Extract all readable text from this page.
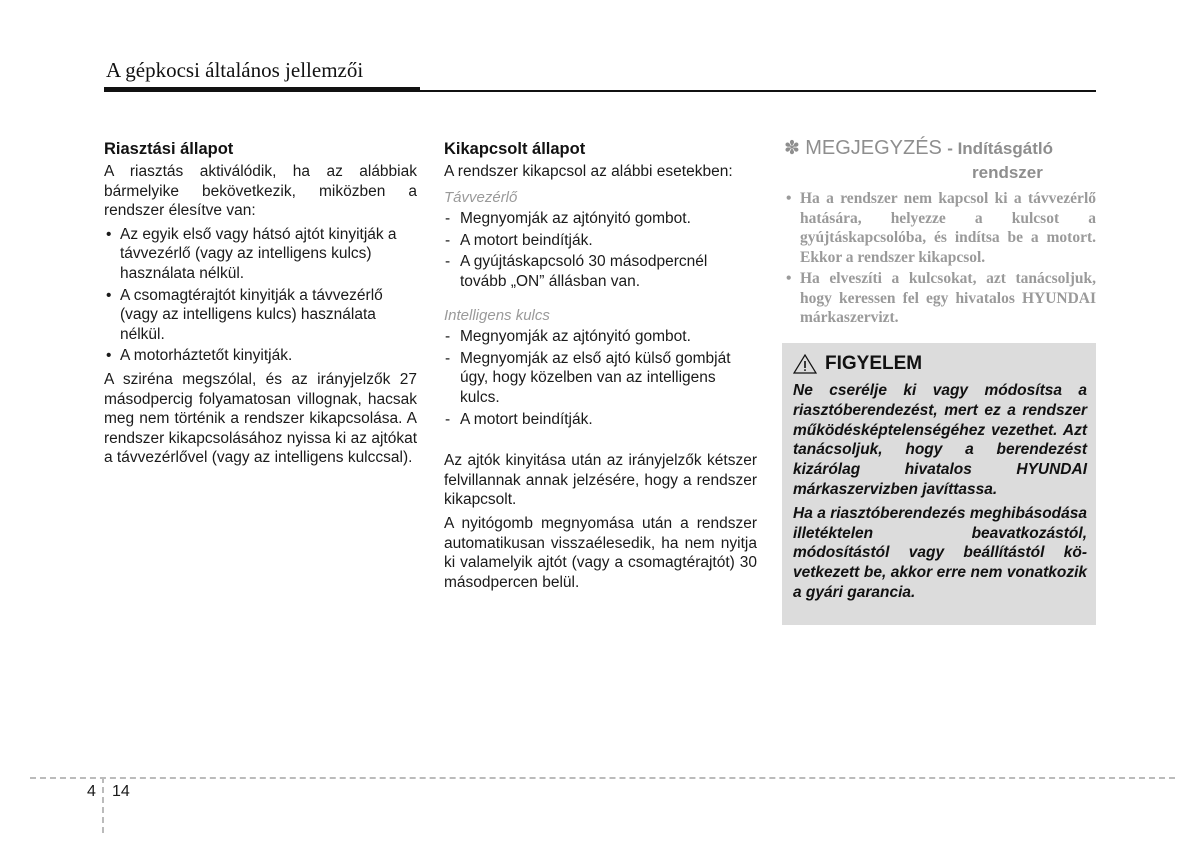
A gépkocsi általános jellemzői
Riasztási állapot

A riasztás aktiválódik, ha az alábbiak bármelyike bekövetkezik, miközben a rendszer élesítve van:

• Az egyik első vagy hátsó ajtót kinyitják a távvezérlő (vagy az intelligens kulcs) használata nélkül.
• A csomagtérajtót kinyitják a távvezérlő (vagy az intelligens kulcs) használata nélkül.
• A motorháztetőt kinyitják.

A sziréna megszólal, és az irányjelzők 27 másodpercig folyamatosan villognak, hacsak meg nem történik a rendszer kikapcsolása. A rendszer kikapcsolásához nyissa ki az ajtókat a távvezérlővel (vagy az intelligens kulccsal).

Kikapcsolt állapot

A rendszer kikapcsol az alábbi esetekben:

Távvezérlő
- Megnyomják az ajtónyitó gombot.
- A motort beindítják.
- A gyújtáskapcsoló 30 másodpercnél tovább „ON” állásban van.
Intelligens kulcs
- Megnyomják az ajtónyitó gombot.
- Megnyomják az első ajtó külső gombját úgy, hogy közelben van az intelligens kulcs.
- A motort beindítják.

Az ajtók kinyitása után az irányjelzők kétszer felvillannak annak jelzésére, hogy a rendszer kikapcsolt.

A nyitógomb megnyomása után a rendszer automatikusan visszaélesedik, ha nem nyitja ki valamelyik ajtót (vagy a csomagtérajtót) 30 másodpercen belül.

✽ MEGJEGYZÉS - Indításgátló
rendszer
• Ha a rendszer nem kapcsol ki a távvezérlő hatására, helyezze a kulcsot a gyújtáskapcsolóba, és indítsa be a motort. Ekkor a rendszer kikapcsol.
• Ha elveszíti a kulcsokat, azt tanácsoljuk, hogy keressen fel egy hivatalos HYUNDAI márkaszervizt.
FIGYELEM

Ne cserélje ki vagy módosítsa a riasztóberendezést, mert ez a rendszer működésképtelenségéhez vezethet. Azt tanácsoljuk, hogy a berendezést kizárólag hivatalos HYUNDAI márkaszervizben javíttassa.

Ha a riasztóberendezés meghibásodása illetéktelen beavatkozástól, módosítástól vagy beállítástól következett be, akkor erre nem vonatkozik a gyári garancia.

4 14
